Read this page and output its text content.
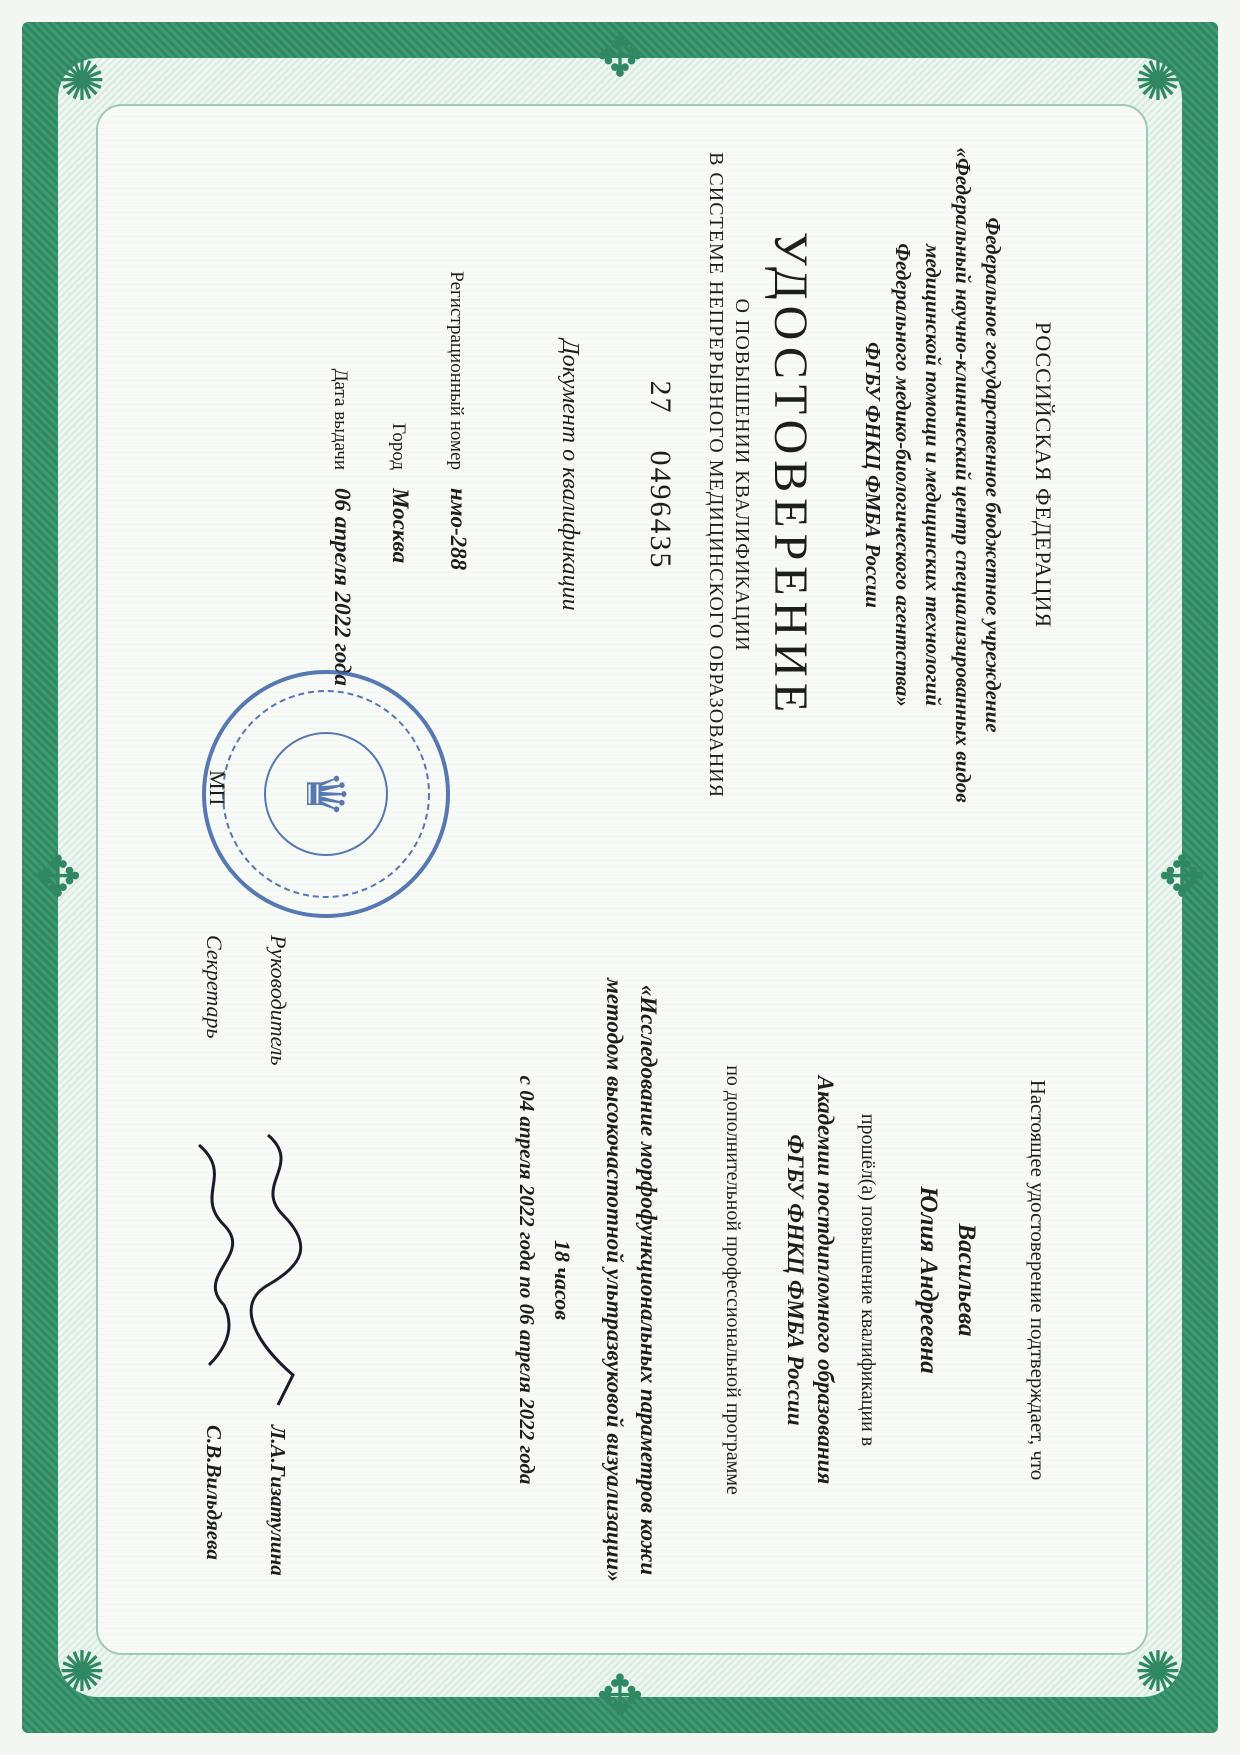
✺	✺
✺	✺
✥
✥
✥	✥
РОССИЙСКАЯ ФЕДЕРАЦИЯ
Федеральное государственное бюджетное учреждение
«Федеральный научно-клинический центр специализированных видов
медицинской помощи и медицинских технологий
Федерального медико-биологического агентства»
ФГБУ ФНКЦ ФМБА России
УДОСТОВЕРЕНИЕ
О ПОВЫШЕНИИ КВАЛИФИКАЦИИ
В СИСТЕМЕ НЕПРЕРЫВНОГО МЕДИЦИНСКОГО ОБРАЗОВАНИЯ
270496435
Документ о квалификации
Регистрационный номер
нмо-288
Город
Москва
Дата выдачи
06 апреля 2022 года
♛
МП
Настоящее удостоверение подтверждает, что
Васильева
Юлия Андреевна
прошёл(а) повышение квалификации в
Академии постдипломного образования
ФГБУ ФНКЦ ФМБА России
по дополнительной профессиональной программе
«Исследование морфофункциональных параметров кожи
методом высокочастотной ультразвуковой визуализации»
18 часов
с 04 апреля 2022 года по 06 апреля 2022 года
Руководитель
Л.А.Гизатулина
Секретарь
С.В.Вильдяева
